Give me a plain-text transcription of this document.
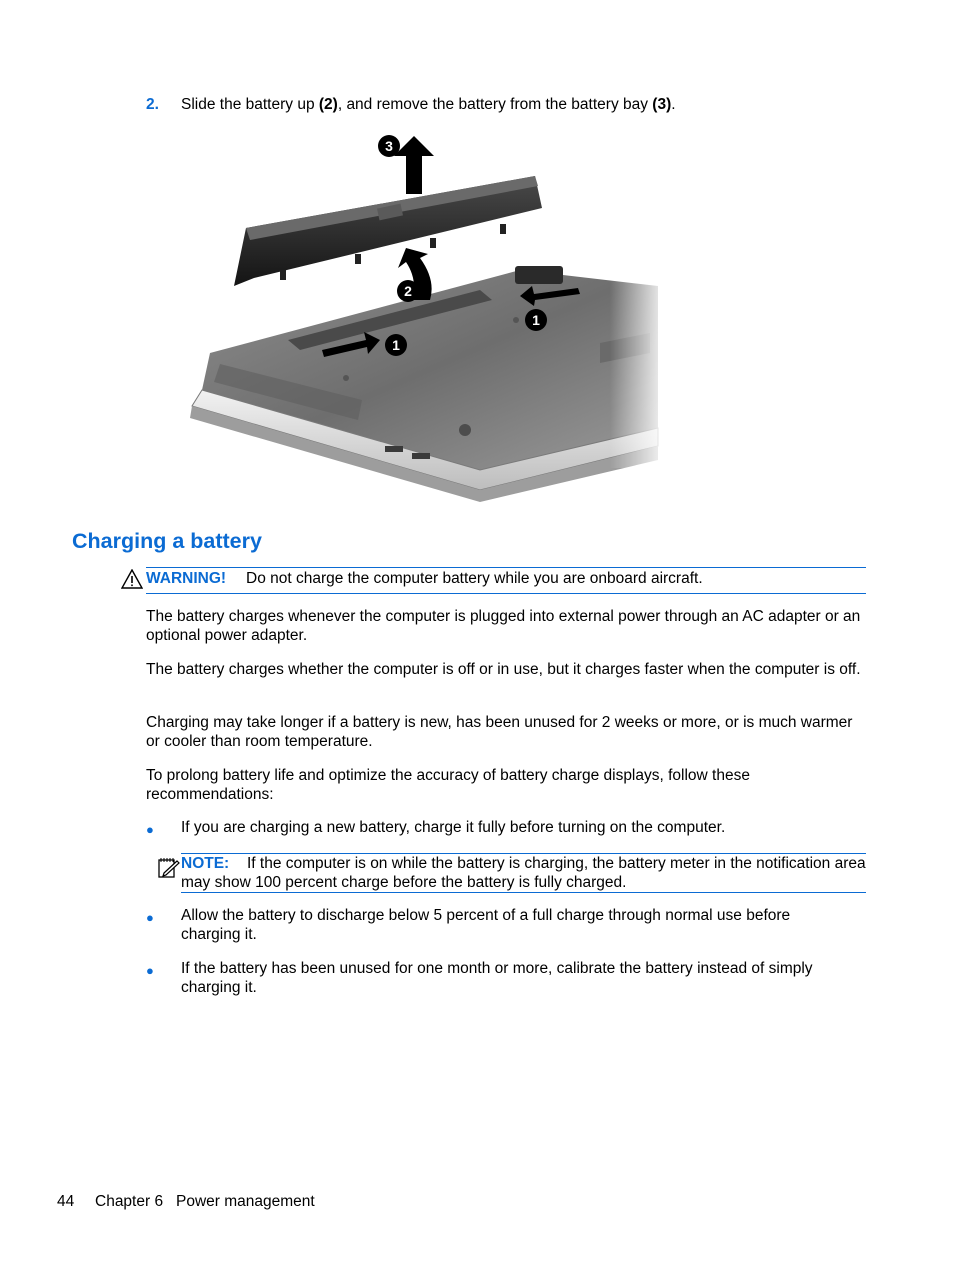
2. Slide the battery up (2), and remove the battery from the battery bay (3).
3
2
1
1
Charging a battery
WARNING! Do not charge the computer battery while you are onboard aircraft.
The battery charges whenever the computer is plugged into external power through an AC adapter or an optional power adapter.
The battery charges whether the computer is off or in use, but it charges faster when the computer is off.
Charging may take longer if a battery is new, has been unused for 2 weeks or more, or is much warmer or cooler than room temperature.
To prolong battery life and optimize the accuracy of battery charge displays, follow these recommendations:
● If you are charging a new battery, charge it fully before turning on the computer.
NOTE:	If the computer is on while the battery is charging, the battery meter in the notification area may show 100 percent charge before the battery is fully charged.
● Allow the battery to discharge below 5 percent of a full charge through normal use before charging it.
● If the battery has been unused for one month or more, calibrate the battery instead of simply charging it.
44 Chapter 6   Power management
